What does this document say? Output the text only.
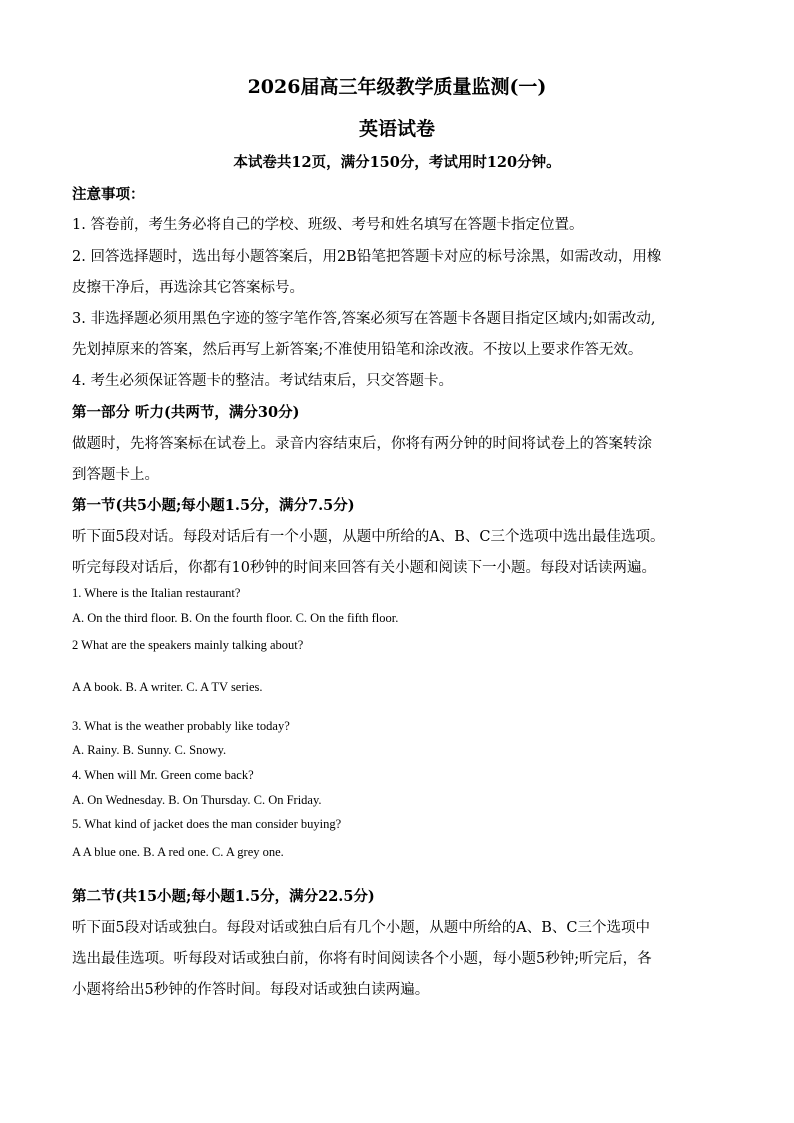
2026届高三年级教学质量监测(一)
英语试卷
本试卷共12页，满分150分，考试用时120分钟。
注意事项：
1. 答卷前，考生务必将自己的学校、班级、考号和姓名填写在答题卡指定位置。
2. 回答选择题时，选出每小题答案后，用2B铅笔把答题卡对应的标号涂黑，如需改动，用橡
皮擦干净后，再选涂其它答案标号。
3. 非选择题必须用黑色字迹的签字笔作答,答案必须写在答题卡各题目指定区域内;如需改动,
先划掉原来的答案，然后再写上新答案;不准使用铅笔和涂改液。不按以上要求作答无效。
4. 考生必须保证答题卡的整洁。考试结束后，只交答题卡。
第一部分 听力(共两节，满分30分)
做题时，先将答案标在试卷上。录音内容结束后，你将有两分钟的时间将试卷上的答案转涂
到答题卡上。
第一节(共5小题;每小题1.5分，满分7.5分)
听下面5段对话。每段对话后有一个小题，从题中所给的A、B、C三个选项中选出最佳选项。
听完每段对话后，你都有10秒钟的时间来回答有关小题和阅读下一小题。每段对话读两遍。
1. Where is the Italian restaurant?
A. On the third floor. B. On the fourth floor. C. On the fifth floor.
2 What are the speakers mainly talking about?
A A book. B. A writer. C. A TV series.
3. What is the weather probably like today?
A. Rainy. B. Sunny. C. Snowy.
4. When will Mr. Green come back?
A. On Wednesday. B. On Thursday. C. On Friday.
5. What kind of jacket does the man consider buying?
A A blue one. B. A red one. C. A grey one.
第二节(共15小题;每小题1.5分，满分22.5分)
听下面5段对话或独白。每段对话或独白后有几个小题，从题中所给的A、B、C三个选项中
选出最佳选项。听每段对话或独白前，你将有时间阅读各个小题，每小题5秒钟;听完后，各
小题将给出5秒钟的作答时间。每段对话或独白读两遍。
